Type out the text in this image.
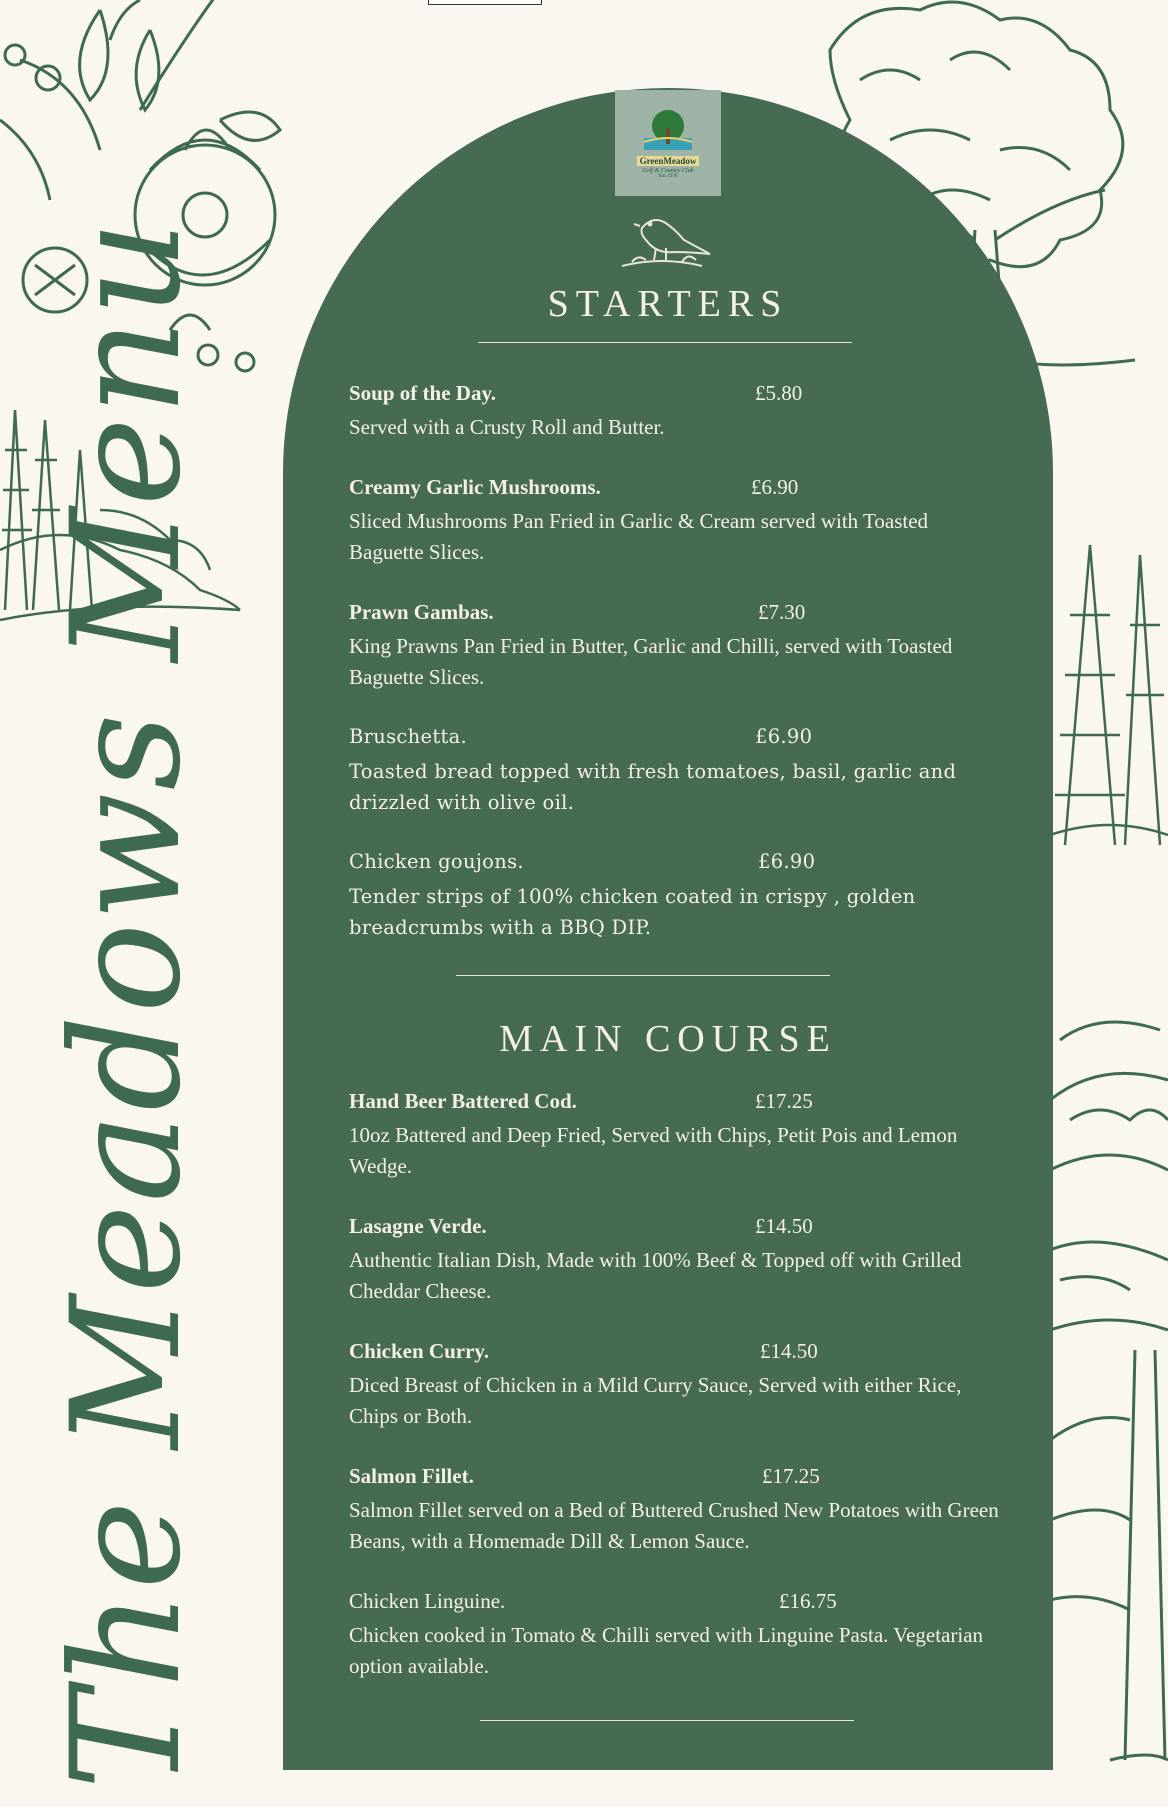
The Meadows Menu
GreenMeadow
Golf & Country Club
Est. 1976
STARTERS
Soup of the Day.	£5.80
Served with a Crusty Roll and Butter.
Creamy Garlic Mushrooms.	£6.90
Sliced Mushrooms Pan Fried in Garlic & Cream served with Toasted Baguette Slices.
Prawn Gambas.	£7.30
King Prawns Pan Fried in Butter, Garlic and Chilli, served with Toasted Baguette Slices.
Bruschetta.	£6.90
Toasted bread topped with fresh tomatoes, basil, garlic and drizzled with olive oil.
Chicken goujons.	£6.90
Tender strips of 100% chicken coated in crispy , golden breadcrumbs with a BBQ DIP.
MAIN COURSE
Hand Beer Battered Cod.	£17.25
10oz Battered and Deep Fried, Served with Chips, Petit Pois and Lemon Wedge.
Lasagne Verde.	£14.50
Authentic Italian Dish, Made with 100% Beef & Topped off with Grilled Cheddar Cheese.
Chicken Curry.	£14.50
Diced Breast of Chicken in a Mild Curry Sauce, Served with either Rice, Chips or Both.
Salmon Fillet.	£17.25
Salmon Fillet served on a Bed of Buttered Crushed New Potatoes with Green Beans, with a Homemade Dill & Lemon Sauce.
Chicken Linguine.	£16.75
Chicken cooked in Tomato & Chilli served with Linguine Pasta. Vegetarian option available.
